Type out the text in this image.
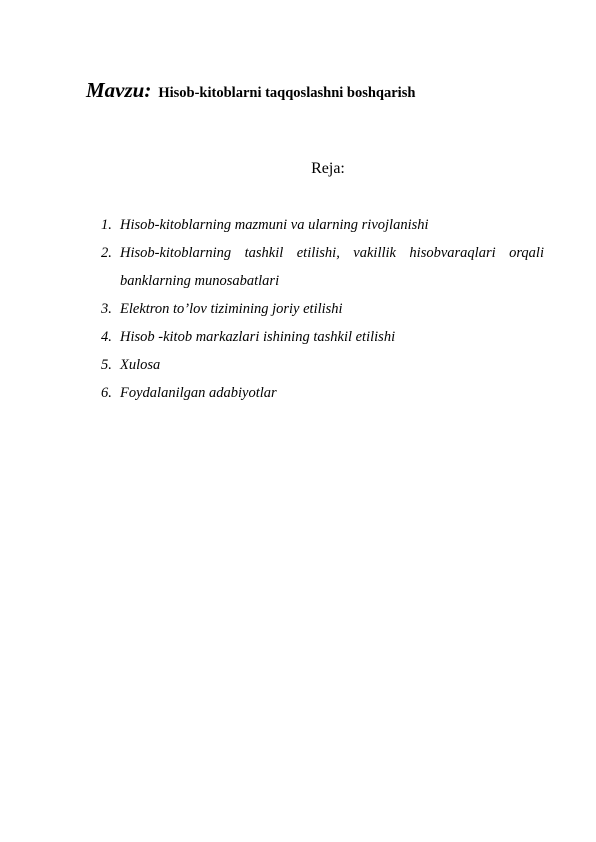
Mavzu: Hisob-kitoblarni taqqoslashni boshqarish
Reja:
1. Hisob-kitoblarning mazmuni va ularning rivojlanishi
2. Hisob-kitoblarning tashkil etilishi, vakillik hisobvaraqlari orqali banklarning munosabatlari
3. Elektron to’lov tizimining joriy etilishi
4. Hisob -kitob markazlari ishining tashkil etilishi
5. Xulosa
6. Foydalanilgan adabiyotlar
